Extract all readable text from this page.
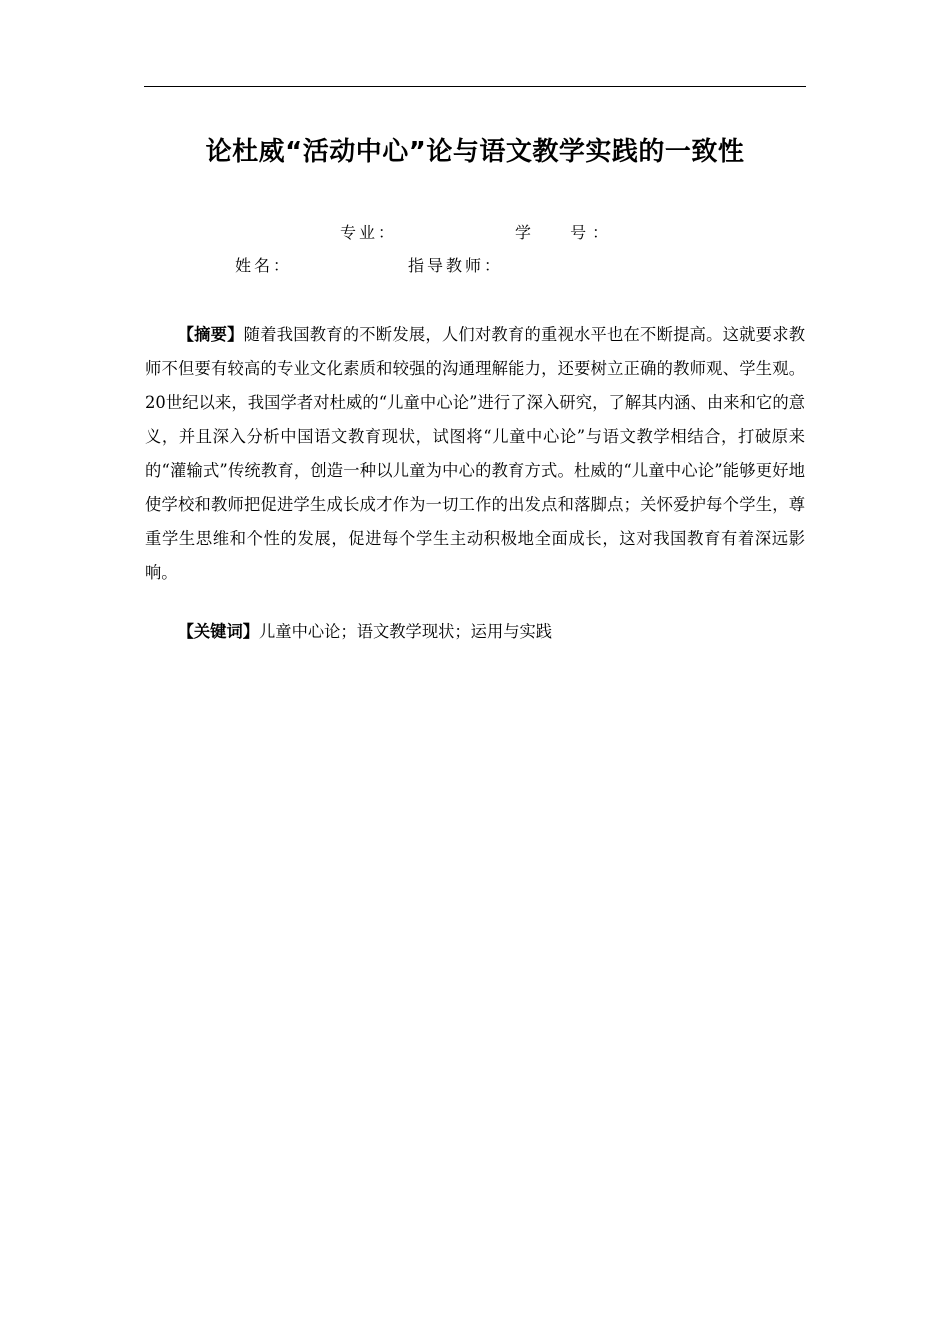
论杜威“活动中心”论与语文教学实践的一致性
专业：	学　 号：
姓名：	指导教师：

【摘要】随着我国教育的不断发展，人们对教育的重视水平也在不断提高。这就要求教师不但要有较高的专业文化素质和较强的沟通理解能力，还要树立正确的教师观、学生观。20世纪以来，我国学者对杜威的“儿童中心论”进行了深入研究，了解其内涵、由来和它的意义，并且深入分析中国语文教育现状，试图将“儿童中心论”与语文教学相结合，打破原来的“灌输式”传统教育，创造一种以儿童为中心的教育方式。杜威的“儿童中心论”能够更好地使学校和教师把促进学生成长成才作为一切工作的出发点和落脚点；关怀爱护每个学生，尊重学生思维和个性的发展，促进每个学生主动积极地全面成长，这对我国教育有着深远影响。

【关键词】儿童中心论；语文教学现状；运用与实践
